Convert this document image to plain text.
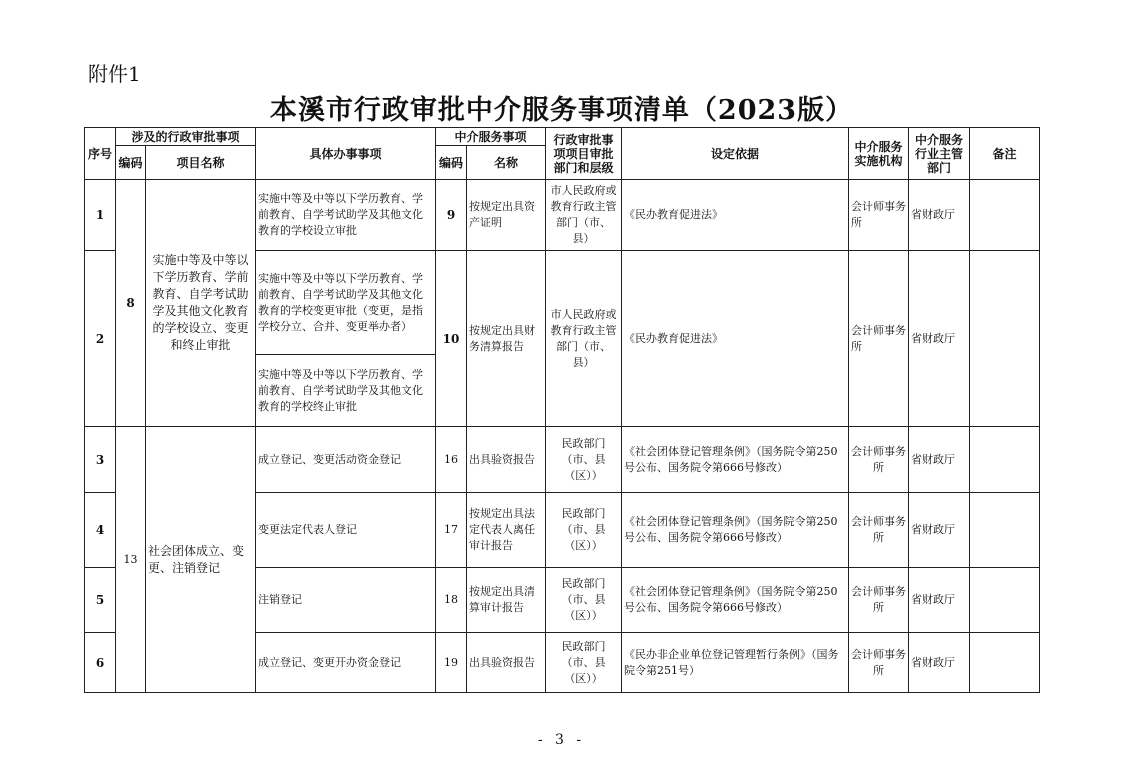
附件1
本溪市行政审批中介服务事项清单（2023版）
序号	涉及的行政审批事项		具体办事事项	中介服务事项		行政审批事项项目审批部门和层级	设定依据	中介服务实施机构	中介服务行业主管部门	备注
	编码	项目名称		编码	名称					
1	8	实施中等及中等以下学历教育、学前教育、自学考试助学及其他文化教育的学校设立、变更和终止审批	实施中等及中等以下学历教育、学前教育、自学考试助学及其他文化教育的学校设立审批	9	按规定出具资产证明	市人民政府或教育行政主管部门（市、县）	《民办教育促进法》	会计师事务所	省财政厅	
2			实施中等及中等以下学历教育、学前教育、自学考试助学及其他文化教育的学校变更审批（变更，是指学校分立、合并、变更举办者）	10	按规定出具财务清算报告	市人民政府或教育行政主管部门（市、县）	《民办教育促进法》	会计师事务所	省财政厅	
			实施中等及中等以下学历教育、学前教育、自学考试助学及其他文化教育的学校终止审批							
3	13	社会团体成立、变更、注销登记	成立登记、变更活动资金登记	16	出具验资报告	民政部门（市、县（区））	《社会团体登记管理条例》（国务院令第250号公布、国务院令第666号修改）	会计师事务所	省财政厅	
4			变更法定代表人登记	17	按规定出具法定代表人离任审计报告	民政部门（市、县（区））	《社会团体登记管理条例》（国务院令第250号公布、国务院令第666号修改）	会计师事务所	省财政厅	
5			注销登记	18	按规定出具清算审计报告	民政部门（市、县（区））	《社会团体登记管理条例》（国务院令第250号公布、国务院令第666号修改）	会计师事务所	省财政厅	
6			成立登记、变更开办资金登记	19	出具验资报告	民政部门（市、县（区））	《民办非企业单位登记管理暂行条例》（国务院令第251号）	会计师事务所	省财政厅	
- 3 -
